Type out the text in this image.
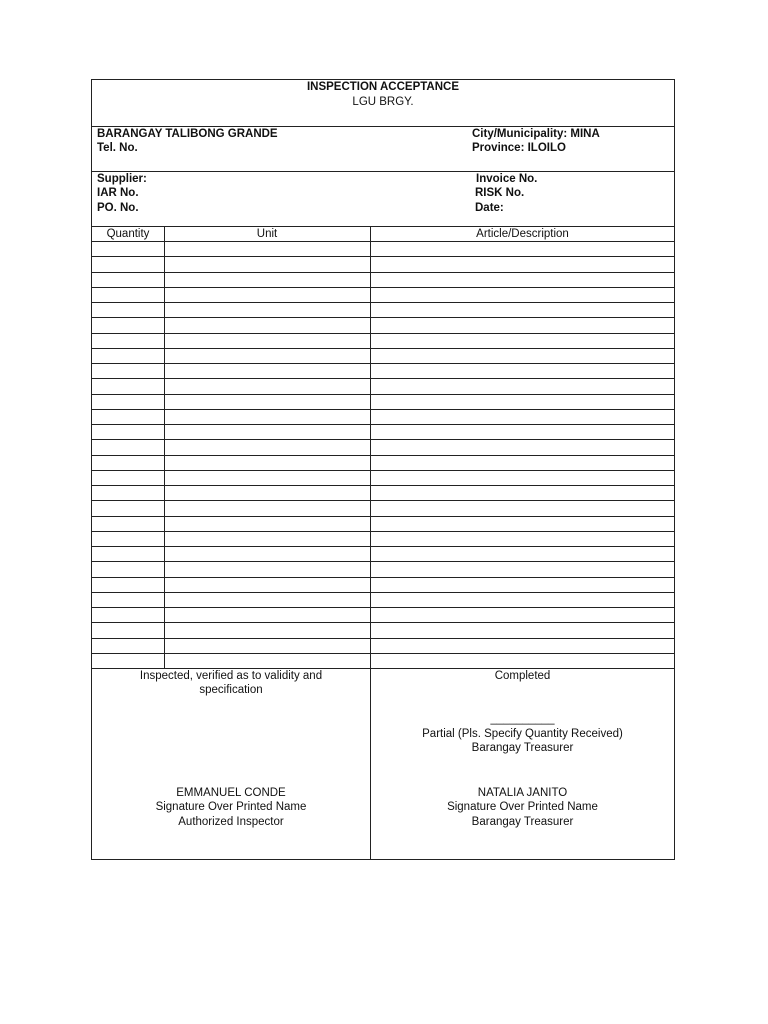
INSPECTION ACCEPTANCE
LGU BRGY.
BARANGAY TALIBONG GRANDE
Tel. No.
City/Municipality: MINA
Province: ILOILO
Supplier:
IAR No.
PO. No.
Invoice No.
RISK No.
Date:
Quantity	Unit	Article/Description
Inspected, verified as to validity and
specification
EMMANUEL CONDE
Signature Over Printed Name
Authorized Inspector
Completed
__________
Partial (Pls. Specify Quantity Received)
Barangay Treasurer
NATALIA JANITO
Signature Over Printed Name
Barangay Treasurer
